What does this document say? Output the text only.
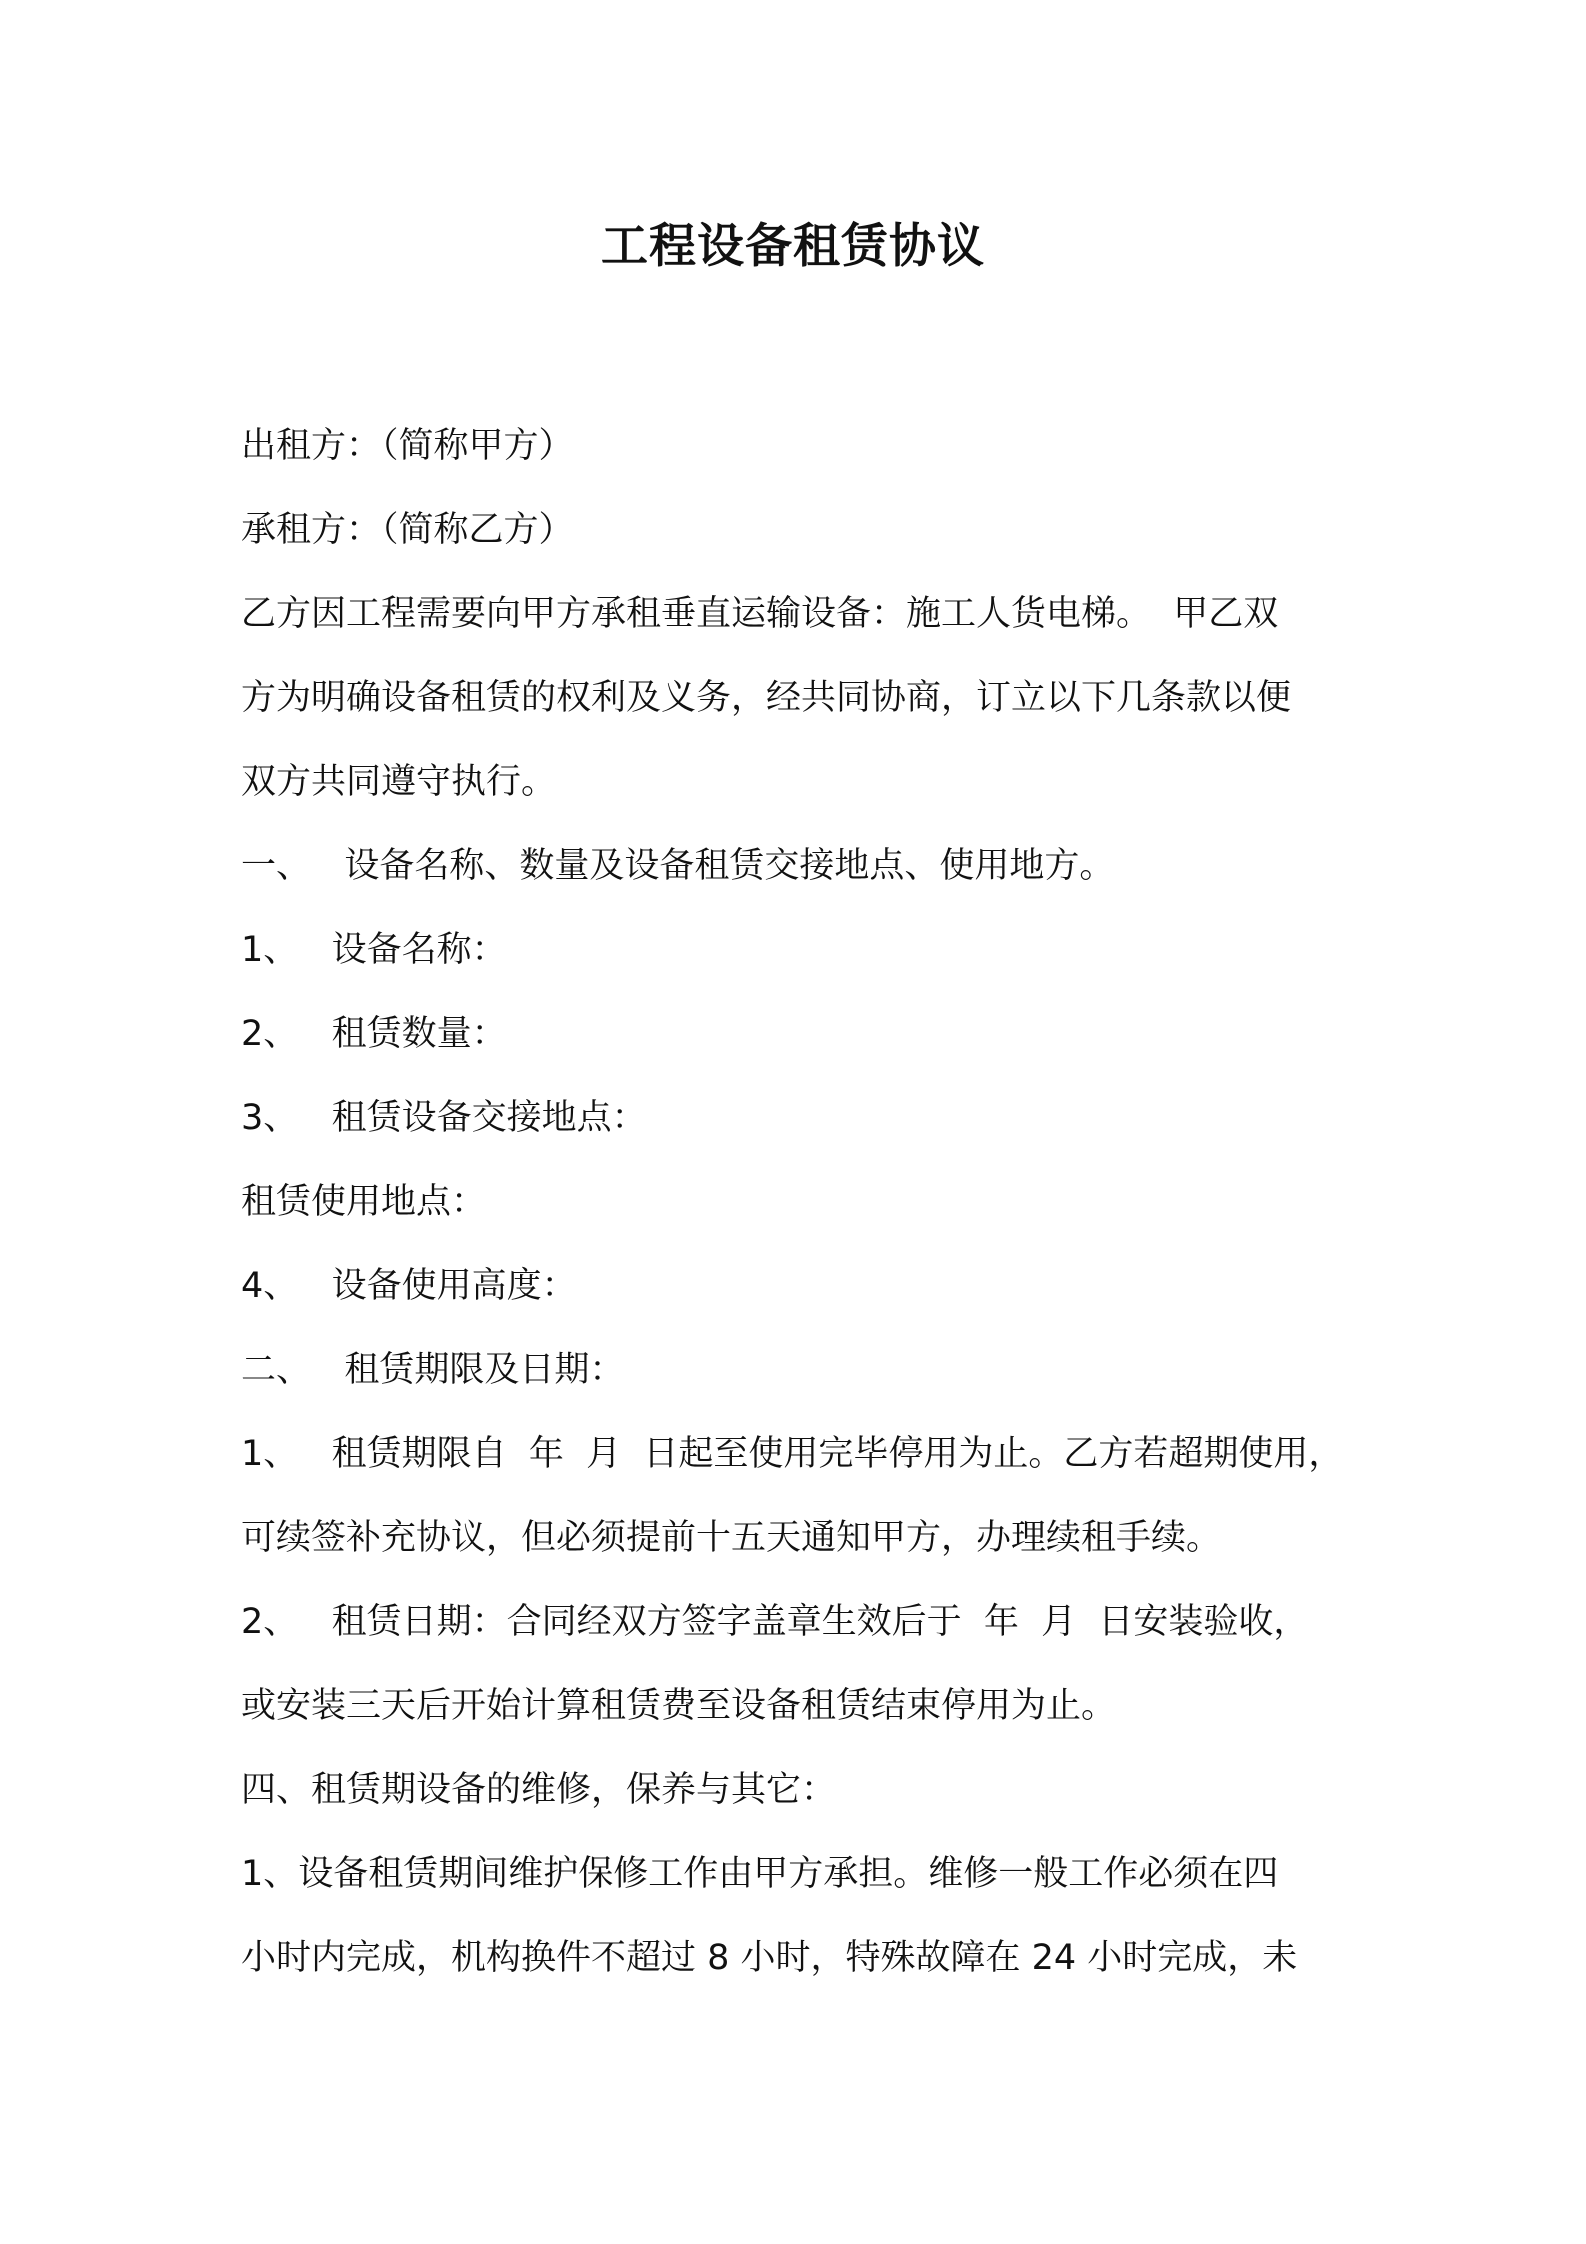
工程设备租赁协议

出租方：（简称甲方）

承租方：（简称乙方）

乙方因工程需要向甲方承租垂直运输设备：施工人货电梯。  甲乙双

方为明确设备租赁的权利及义务，经共同协商，订立以下几条款以便

双方共同遵守执行。

一、   设备名称、数量及设备租赁交接地点、使用地方。

1、   设备名称：

2、   租赁数量：

3、   租赁设备交接地点：

租赁使用地点：

4、   设备使用高度：

二、   租赁期限及日期：

1、   租赁期限自  年  月  日起至使用完毕停用为止。乙方若超期使用，

可续签补充协议，但必须提前十五天通知甲方，办理续租手续。

2、   租赁日期：合同经双方签字盖章生效后于  年  月  日安装验收，

或安装三天后开始计算租赁费至设备租赁结束停用为止。

四、租赁期设备的维修，保养与其它：

1、设备租赁期间维护保修工作由甲方承担。维修一般工作必须在四

小时内完成，机构换件不超过 8 小时，特殊故障在 24 小时完成，未
